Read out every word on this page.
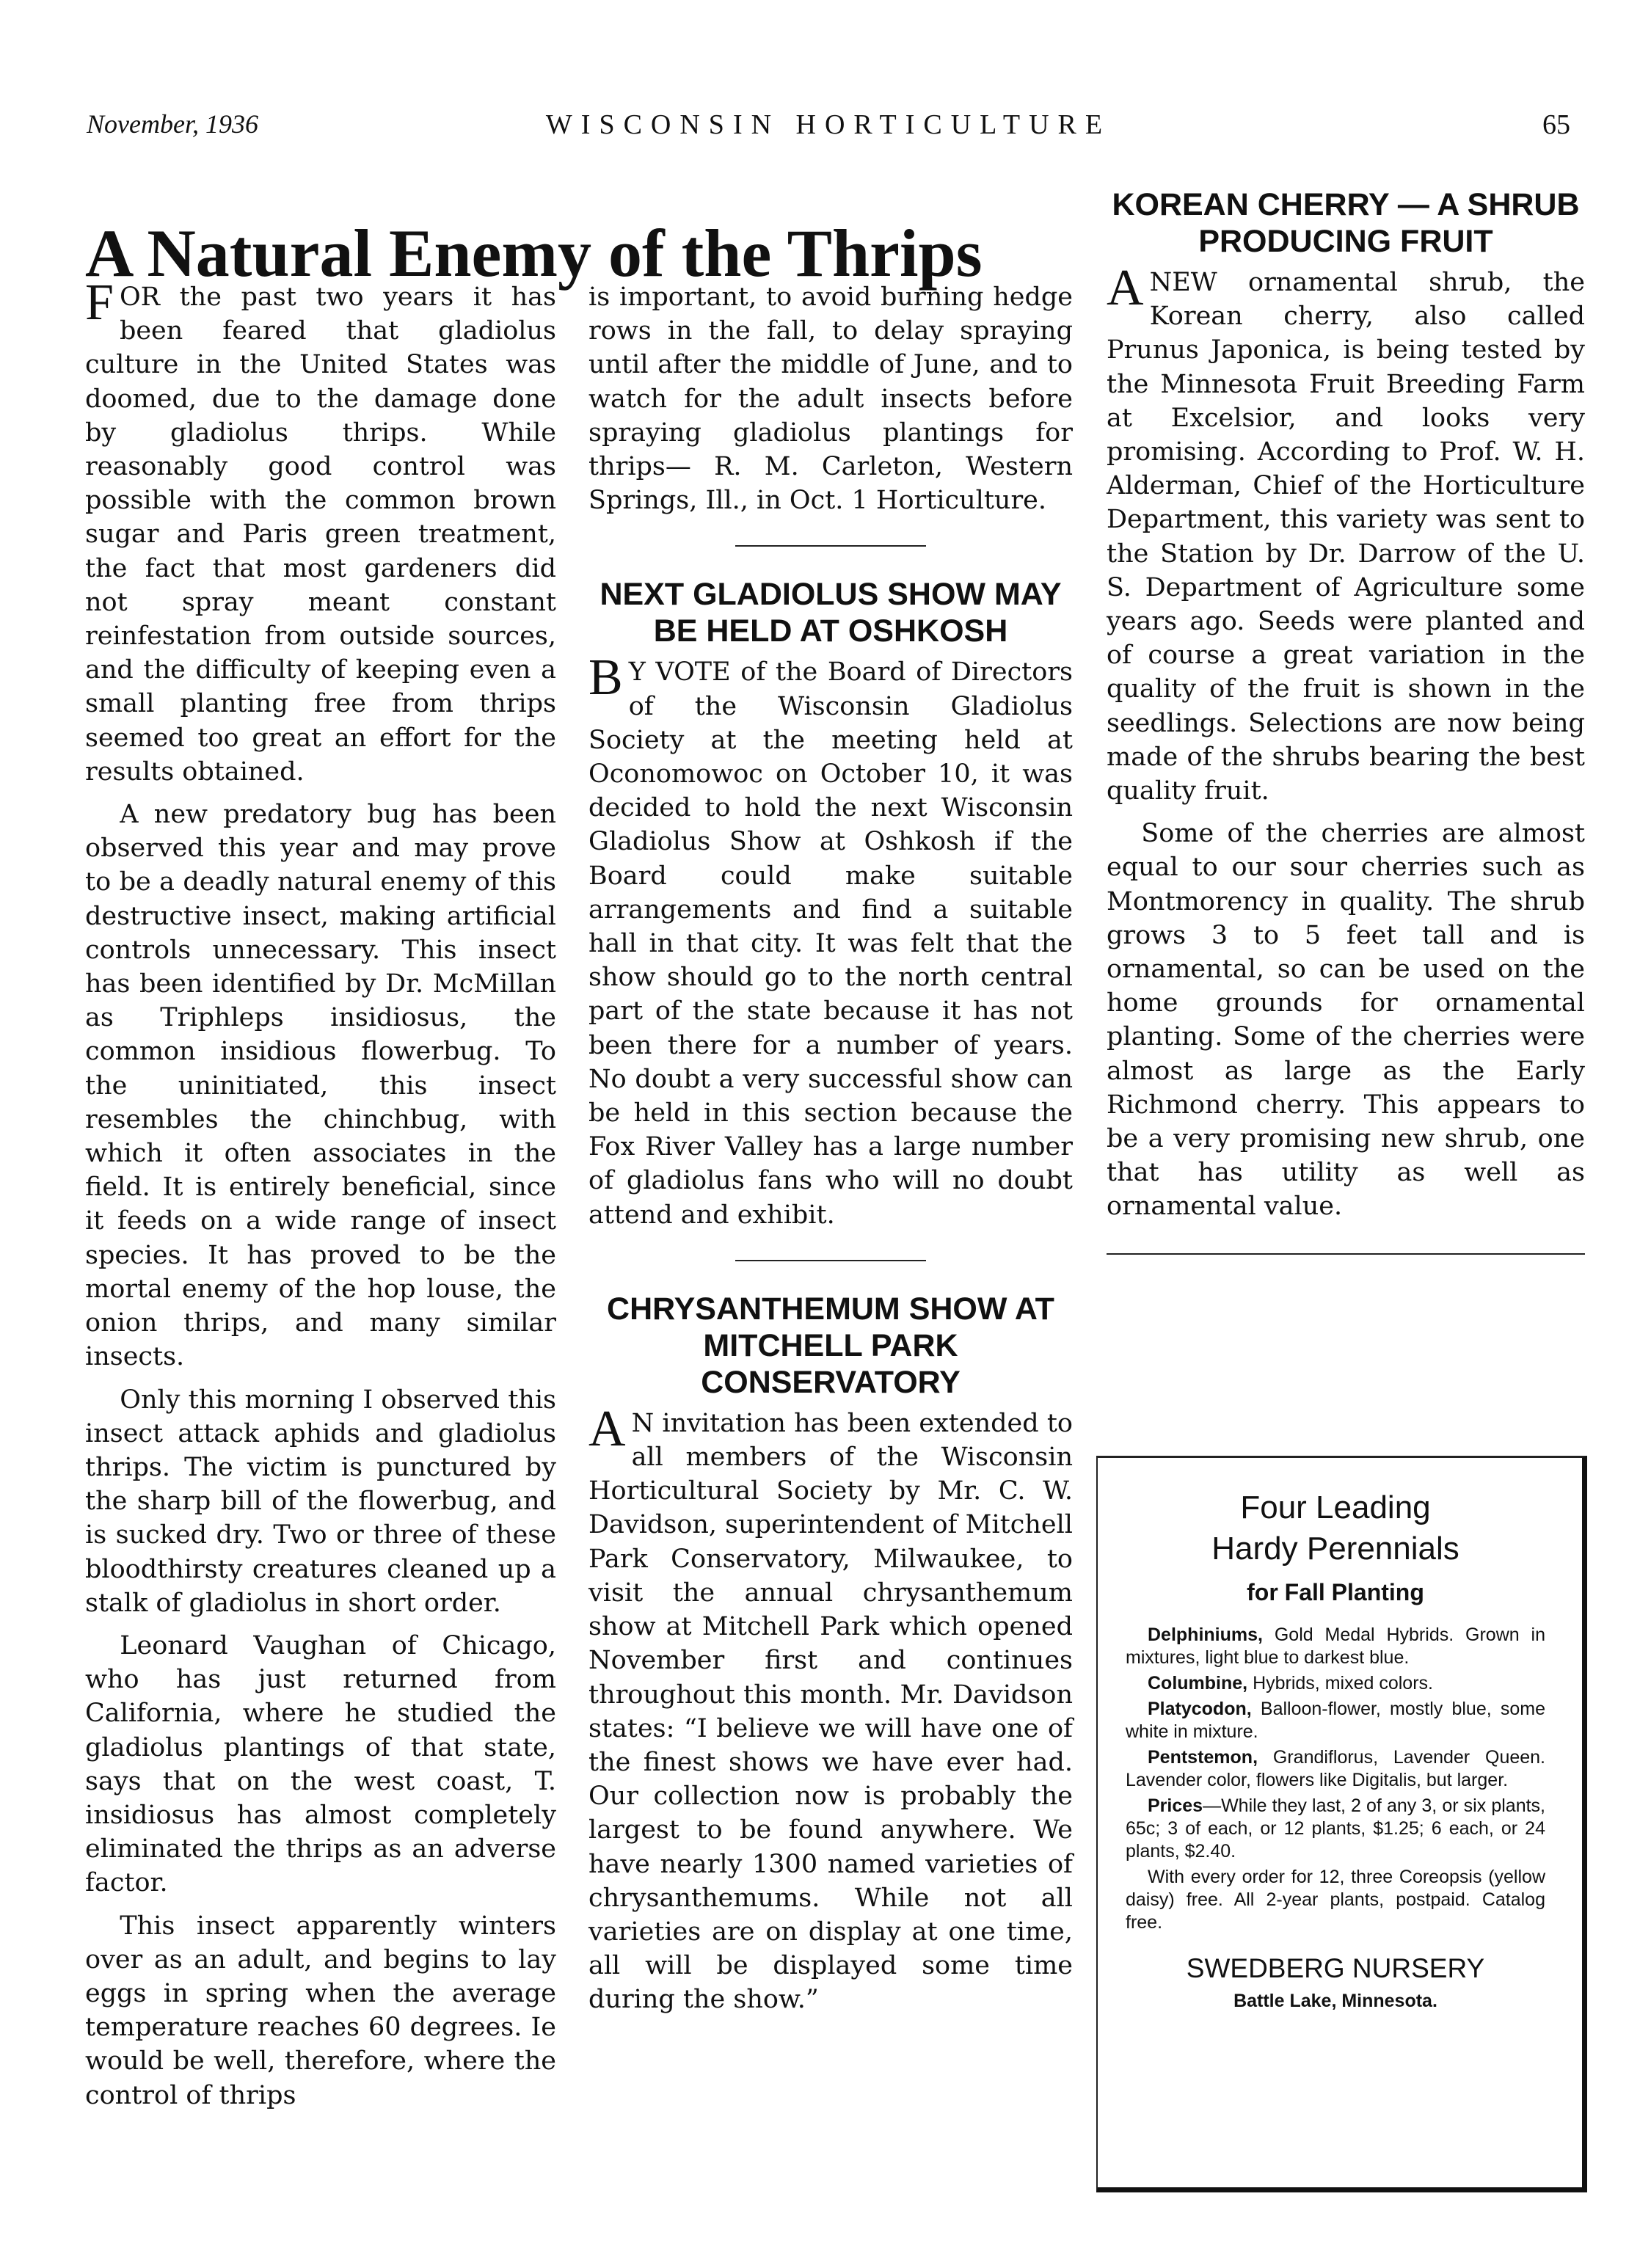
November, 1936	WISCONSIN HORTICULTURE	65
A Natural Enemy of the Thrips

FOR the past two years it has been feared that gladiolus culture in the United States was doomed, due to the damage done by gladiolus thrips. While reasonably good control was possible with the common brown sugar and Paris green treatment, the fact that most gardeners did not spray meant constant reinfestation from outside sources, and the difficulty of keeping even a small planting free from thrips seemed too great an effort for the results obtained.

A new predatory bug has been observed this year and may prove to be a deadly natural enemy of this destructive insect, making artificial controls unnecessary. This insect has been identified by Dr. McMillan as Triphleps insidiosus, the common insidious flowerbug. To the uninitiated, this insect resembles the chinchbug, with which it often associates in the field. It is entirely beneficial, since it feeds on a wide range of insect species. It has proved to be the mortal enemy of the hop louse, the onion thrips, and many similar insects.

Only this morning I observed this insect attack aphids and gladiolus thrips. The victim is punctured by the sharp bill of the flowerbug, and is sucked dry. Two or three of these bloodthirsty creatures cleaned up a stalk of gladiolus in short order.

Leonard Vaughan of Chicago, who has just returned from California, where he studied the gladiolus plantings of that state, says that on the west coast, T. insidiosus has almost completely eliminated the thrips as an adverse factor.

This insect apparently winters over as an adult, and begins to lay eggs in spring when the average temperature reaches 60 degrees. Ie would be well, therefore, where the control of thrips

is important, to avoid burning hedge rows in the fall, to delay spraying until after the middle of June, and to watch for the adult insects before spraying gladiolus plantings for thrips— R. M. Carleton, Western Springs, Ill., in Oct. 1 Horticulture.

NEXT GLADIOLUS SHOW MAY BE HELD AT OSHKOSH

B Y VOTE of the Board of Directors of the Wisconsin Gladiolus Society at the meeting held at Oconomowoc on October 10, it was decided to hold the next Wisconsin Gladiolus Show at Oshkosh if the Board could make suitable arrangements and find a suitable hall in that city. It was felt that the show should go to the north central part of the state because it has not been there for a number of years. No doubt a very successful show can be held in this section because the Fox River Valley has a large number of gladiolus fans who will no doubt attend and exhibit.

CHRYSANTHEMUM SHOW AT MITCHELL PARK CONSERVATORY

A N invitation has been extended to all members of the Wisconsin Horticultural Society by Mr. C. W. Davidson, superintendent of Mitchell Park Conservatory, Milwaukee, to visit the annual chrysanthemum show at Mitchell Park which opened November first and continues throughout this month. Mr. Davidson states: “I believe we will have one of the finest shows we have ever had. Our collection now is probably the largest to be found anywhere. We have nearly 1300 named varieties of chrysanthemums. While not all varieties are on display at one time, all will be displayed some time during the show.”

KOREAN CHERRY — A SHRUB PRODUCING FRUIT

ANEW ornamental shrub, the Korean cherry, also called Prunus Japonica, is being tested by the Minnesota Fruit Breeding Farm at Excelsior, and looks very promising. According to Prof. W. H. Alderman, Chief of the Horticulture Department, this variety was sent to the Station by Dr. Darrow of the U. S. Department of Agriculture some years ago. Seeds were planted and of course a great variation in the quality of the fruit is shown in the seedlings. Selections are now being made of the shrubs bearing the best quality fruit.

Some of the cherries are almost equal to our sour cherries such as Montmorency in quality. The shrub grows 3 to 5 feet tall and is ornamental, so can be used on the home grounds for ornamental planting. Some of the cherries were almost as large as the Early Richmond cherry. This appears to be a very promising new shrub, one that has utility as well as ornamental value.

Four Leading
Hardy Perennials
for Fall Planting

Delphiniums, Gold Medal Hybrids. Grown in mixtures, light blue to darkest blue.

Columbine, Hybrids, mixed colors.

Platycodon, Balloon-flower, mostly blue, some white in mixture.

Pentstemon, Grandiflorus, Lavender Queen. Lavender color, flowers like Digitalis, but larger.

Prices—While they last, 2 of any 3, or six plants, 65c; 3 of each, or 12 plants, $1.25; 6 each, or 24 plants, $2.40.

With every order for 12, three Coreopsis (yellow daisy) free. All 2-year plants, postpaid. Catalog free.

SWEDBERG NURSERY
Battle Lake, Minnesota.
